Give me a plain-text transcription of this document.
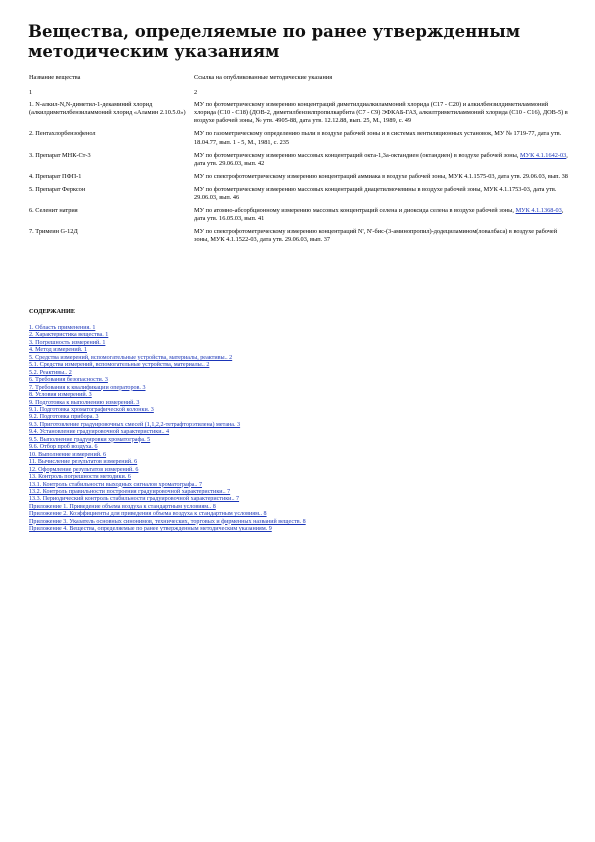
Вещества, определяемые по ранее утвержденным методическим указаниям
Название вещества	Ссылка на опубликованные методические указания
1	2
1. N-алкил-N,N-диметил-1-декаминий хлорид (алкилдиметилбензиламмоний хлорид «Аламин 2.10.5.0»)	МУ по фотометрическому измерению концентраций диметилдиалкиламмоний хлорида (С17 - С20) и алкилбензилдиметиламмоний хлорида (С10 - С18) (ДОВ-2, диметилбензилпропилкарбита (С7 - С9) ЭФКАБ-ГАЗ, алкилтриметиламмоний хлорида (С10 - С16), ДОВ-5) в воздухе рабочей зоны, № утв. 4905-88, дата утв. 12.12.88, вып. 25, М., 1989, с. 49
2. Пентахлорбензофенол	МУ по газометрическому определению пыли в воздухе рабочей зоны и в системах вентиляционных установок, МУ № 1719-77, дата утв. 18.04.77, вып. 1 - 5, М., 1981, с. 235
3. Препарат МНК-Ст-3	МУ по фотометрическому измерению массовых концентраций окта-1,3а-октандиен (октандиен) в воздухе рабочей зоны, МУК 4.1.1642-03, дата утв. 29.06.03, вып. 42
4. Препарат ПФП-1	МУ по спектрофотометрическому измерению концентраций аммиака в воздухе рабочей зоны, МУК 4.1.1575-03, дата утв. 29.06.03, вып. 38
5. Препарат Ферксон	МУ по фотометрическому измерению массовых концентраций диацетилмочевины в воздухе рабочей зоны, МУК 4.1.1753-03, дата утв. 29.06.03, вып. 46
6. Селенит натрия	МУ по атомно-абсорбционному измерению массовых концентраций селена и диоксида селена в воздухе рабочей зоны, МУК 4.1.1368-03, дата утв. 16.05.03, вып. 41
7. Тримеин G-12Д	МУ по спектрофотометрическому измерению концентраций N', N'-бис-(3-аминопропил)-додециламином(ловалбаса) в воздухе рабочей зоны, МУК 4.1.1522-03, дата утв. 29.06.03, вып. 37
СОДЕРЖАНИЕ
1. Область применения. 1
2. Характеристика вещества. 1
3. Погрешность измерений. 1
4. Метод измерений. 1
5. Средства измерений, вспомогательные устройства, материалы, реактивы.. 2
5.1. Средства измерений, вспомогательные устройства, материалы.. 2
5.2. Реактивы.. 2
6. Требования безопасности. 3
7. Требования к квалификации операторов. 3
8. Условия измерений. 3
9. Подготовка к выполнению измерений. 3
9.1. Подготовка хроматографической колонки. 3
9.2. Подготовка прибора. 3
9.3. Приготовление градуировочных смесей (1,1,2,2-тетрафторэтилена) метана. 3
9.4. Установление градуировочной характеристики.. 4
9.5. Выполнение градуировки хроматографа. 5
9.6. Отбор проб воздуха. 6
10. Выполнение измерений. 6
11. Вычисление результатов измерений. 6
12. Оформление результатов измерений. 6
13. Контроль погрешности методики. 6
13.1. Контроль стабильности выходных сигналов хроматографа.. 7
13.2. Контроль правильности построения градуировочной характеристики.. 7
13.3. Периодический контроль стабильности градуировочной характеристики.. 7
Приложение 1. Приведение объема воздуха к стандартным условиям.. 8
Приложение 2. Коэффициенты для приведения объема воздуха к стандартным условиям.. 8
Приложение 3. Указатель основных синонимов, технических, торговых и фирменных названий веществ. 8
Приложение 4. Вещества, определяемые по ранее утвержденным методическим указаниям. 9
